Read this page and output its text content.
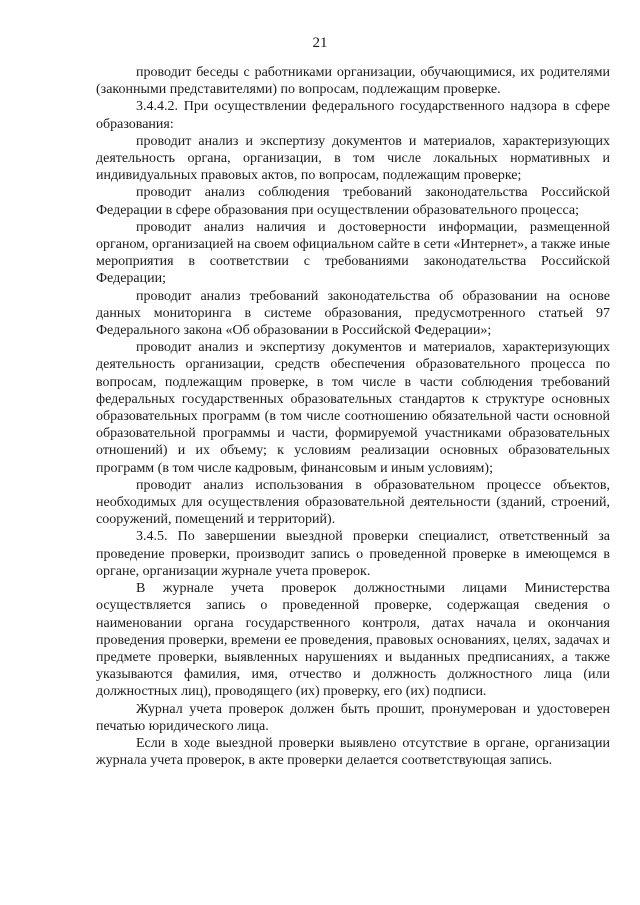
21

проводит беседы с работниками организации, обучающимися, их родителями (законными представителями) по вопросам, подлежащим проверке.

3.4.4.2. При осуществлении федерального государственного надзора в сфере образования:

проводит анализ и экспертизу документов и материалов, характеризующих деятельность органа, организации, в том числе локальных нормативных и индивидуальных правовых актов, по вопросам, подлежащим проверке;

проводит анализ соблюдения требований законодательства Российской Федерации в сфере образования при осуществлении образовательного процесса;

проводит анализ наличия и достоверности информации, размещенной органом, организацией на своем официальном сайте в сети «Интернет», а также иные мероприятия в соответствии с требованиями законодательства Российской Федерации;

проводит анализ требований законодательства об образовании на основе данных мониторинга в системе образования, предусмотренного статьей 97 Федерального закона «Об образовании в Российской Федерации»;

проводит анализ и экспертизу документов и материалов, характеризующих деятельность организации, средств обеспечения образовательного процесса по вопросам, подлежащим проверке, в том числе в части соблюдения требований федеральных государственных образовательных стандартов к структуре основных образовательных программ (в том числе соотношению обязательной части основной образовательной программы и части, формируемой участниками образовательных отношений) и их объему; к условиям реализации основных образовательных программ (в том числе кадровым, финансовым и иным условиям);

проводит анализ использования в образовательном процессе объектов, необходимых для осуществления образовательной деятельности (зданий, строений, сооружений, помещений и территорий).

3.4.5. По завершении выездной проверки специалист, ответственный за проведение проверки, производит запись о проведенной проверке в имеющемся в органе, организации журнале учета проверок.

В журнале учета проверок должностными лицами Министерства осуществляется запись о проведенной проверке, содержащая сведения о наименовании органа государственного контроля, датах начала и окончания проведения проверки, времени ее проведения, правовых основаниях, целях, задачах и предмете проверки, выявленных нарушениях и выданных предписаниях, а также указываются фамилия, имя, отчество и должность должностного лица (или должностных лиц), проводящего (их) проверку, его (их) подписи.

Журнал учета проверок должен быть прошит, пронумерован и удостоверен печатью юридического лица.

Если в ходе выездной проверки выявлено отсутствие в органе, организации журнала учета проверок, в акте проверки делается соответствующая запись.
